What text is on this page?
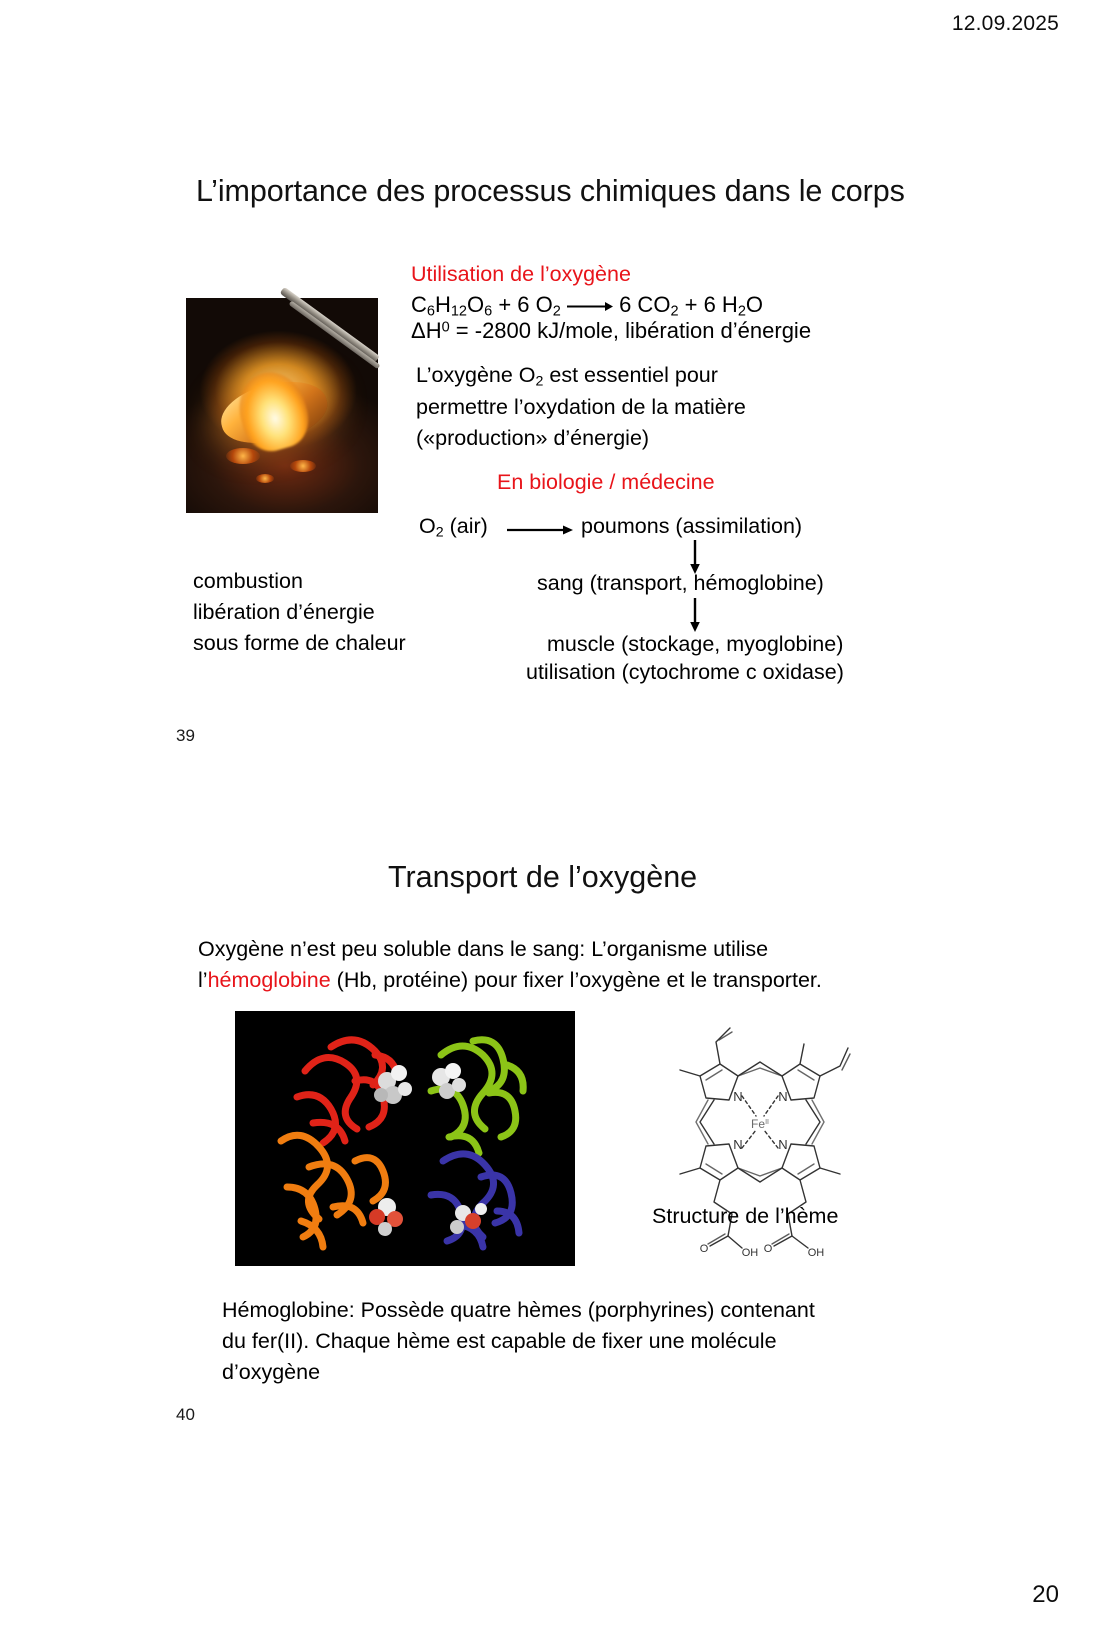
12.09.2025
L’importance des processus chimiques dans le corps
Utilisation de l’oxygène
$C_6H_{12}O_6 + 6$ $O_2 \to 6$ $CO_2 + 6$ $H_2O$
$\Delta H^0 = -2800$ kJ/mole, libération d’énergie
L’oxygène $O_2$ est essentiel pour
permettre l’oxydation de la matière
(«production» d’énergie)
En biologie / médecine
$O_2$ (air)	poumons (assimilation)
sang (transport, hémoglobine)
muscle (stockage, myoglobine)
utilisation (cytochrome c oxidase)
combustion
libération d’énergie
sous forme de chaleur
39
Transport de l’oxygène
Oxygène n’est peu soluble dans le sang: L’organisme utilise
l’hémoglobine (Hb, protéine) pour fixer l’oxygène et le transporter.
N	N
N	N
$Fe^{II}$
O	OH O	OH
Structure de l’hème
Hémoglobine: Possède quatre hèmes (porphyrines) contenant
du fer(II). Chaque hème est capable de fixer une molécule
d’oxygène
40
20
